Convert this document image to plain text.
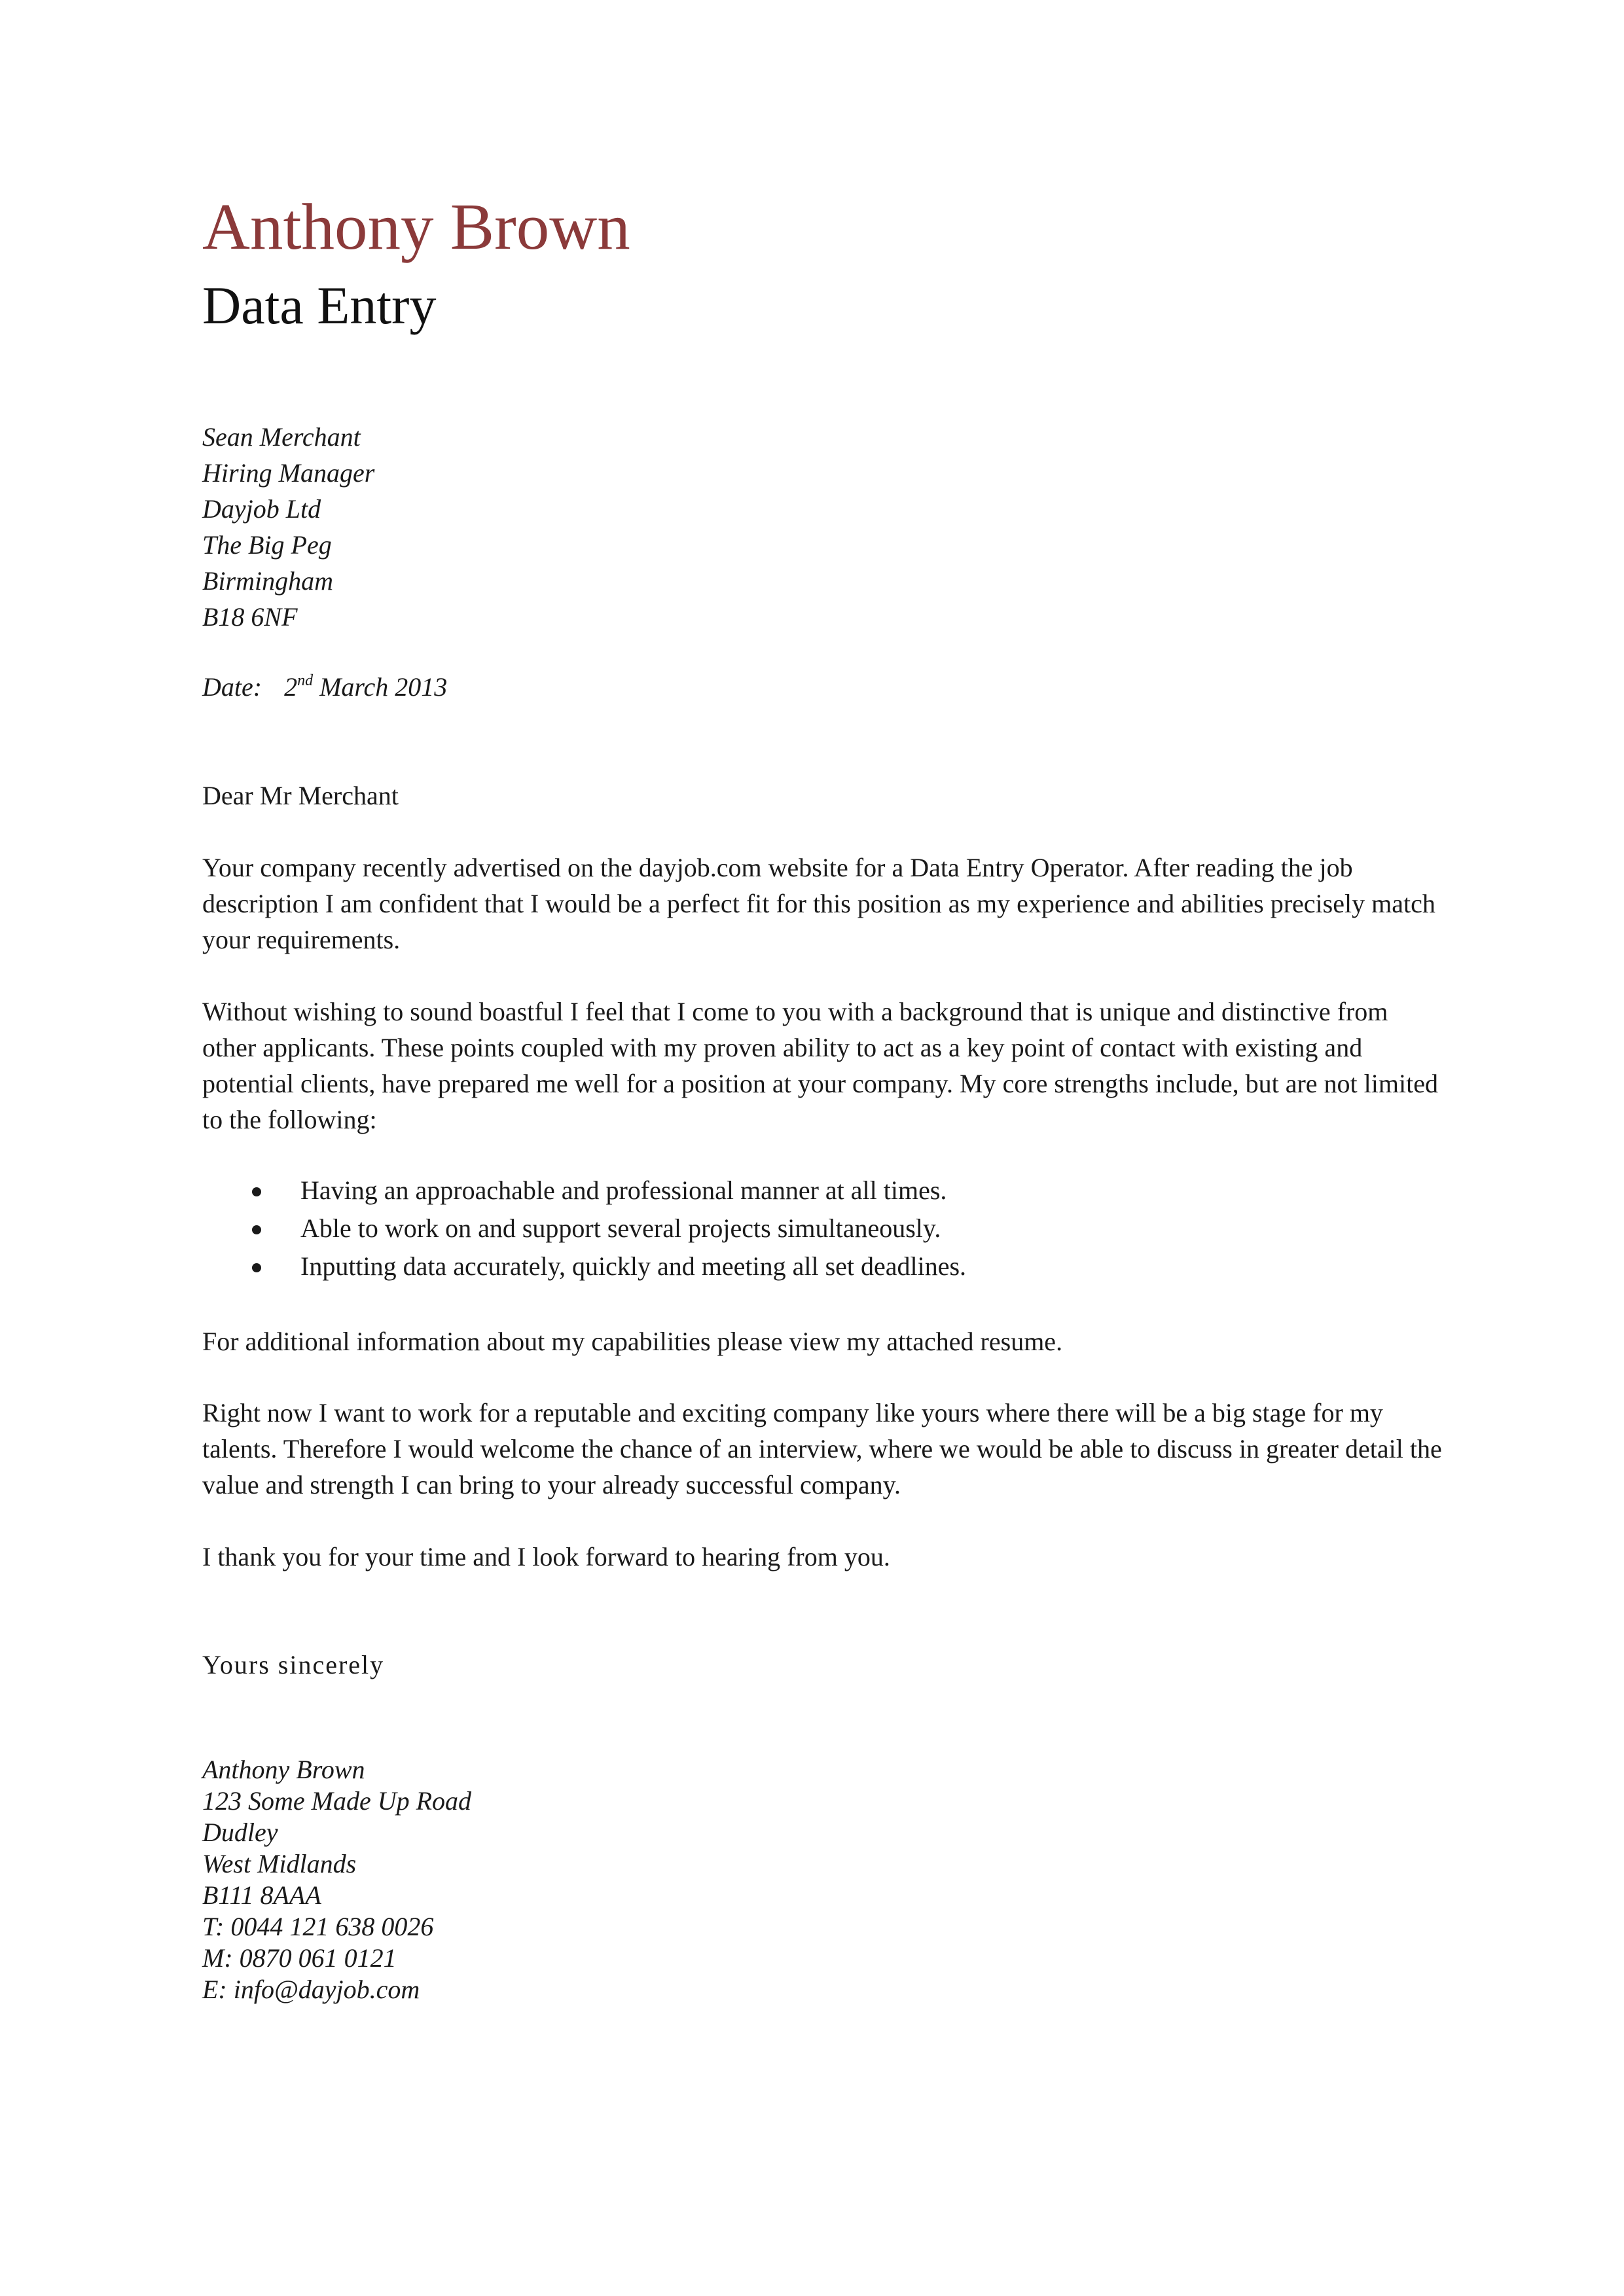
Anthony Brown
Data Entry
Sean Merchant
Hiring Manager
Dayjob Ltd
The Big Peg
Birmingham
B18 6NF
Date: 2nd March 2013
Dear Mr Merchant
Your company recently advertised on the dayjob.com website for a Data Entry Operator. After reading the job description I am confident that I would be a perfect fit for this position as my experience and abilities precisely match your requirements.
Without wishing to sound boastful I feel that I come to you with a background that is unique and distinctive from other applicants. These points coupled with my proven ability to act as a key point of contact with existing and potential clients, have prepared me well for a position at your company. My core strengths include, but are not limited to the following:
Having an approachable and professional manner at all times.
Able to work on and support several projects simultaneously.
Inputting data accurately, quickly and meeting all set deadlines.
For additional information about my capabilities please view my attached resume.
Right now I want to work for a reputable and exciting company like yours where there will be a big stage for my talents. Therefore I would welcome the chance of an interview, where we would be able to discuss in greater detail the value and strength I can bring to your already successful company.
I thank you for your time and I look forward to hearing from you.
Yours sincerely
Anthony Brown
123 Some Made Up Road
Dudley
West Midlands
B111 8AAA
T: 0044 121 638 0026
M: 0870 061 0121
E: info@dayjob.com
